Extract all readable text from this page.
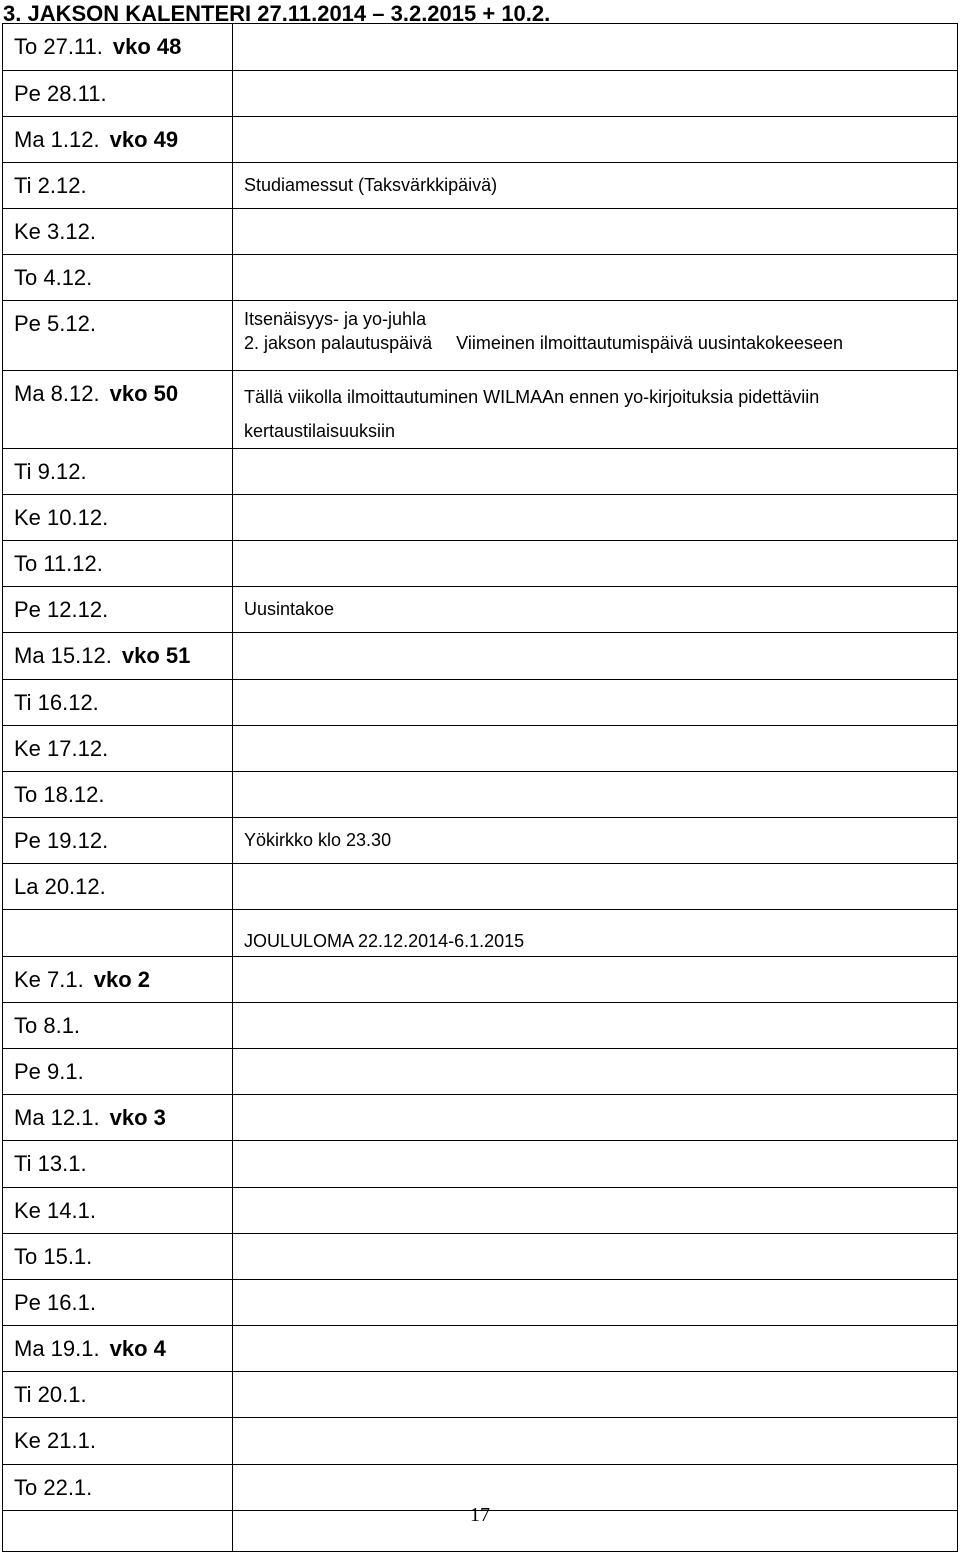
3. JAKSON KALENTERI 27.11.2014 – 3.2.2015 + 10.2.
To 27.11. vko 48	
Pe 28.11.	
Ma 1.12. vko 49	
Ti 2.12.	Studiamessut (Taksvärkkipäivä)

Ke 3.12.	
To 4.12.	
Pe 5.12.	Itsenäisyys- ja yo-juhla
2. jakson palautuspäivä Viimeinen ilmoittautumispäivä uusintakokeeseen

Ma 8.12. vko 50	Tällä viikolla ilmoittautuminen WILMAAn ennen yo-kirjoituksia pidettäviin
kertaustilaisuuksiin

Ti 9.12.	
Ke 10.12.	
To 11.12.	
Pe 12.12.	Uusintakoe

Ma 15.12. vko 51	
Ti 16.12.	
Ke 17.12.	
To 18.12.	
Pe 19.12.	Yökirkko klo 23.30

La 20.12.	

	JOULULOMA 22.12.2014-6.1.2015

Ke 7.1. vko 2	
To 8.1.	
Pe 9.1.	
Ma 12.1. vko 3	
Ti 13.1.	
Ke 14.1.	
To 15.1.	
Pe 16.1.	
Ma 19.1. vko 4	
Ti 20.1.	
Ke 21.1.	
To 22.1.	

17
